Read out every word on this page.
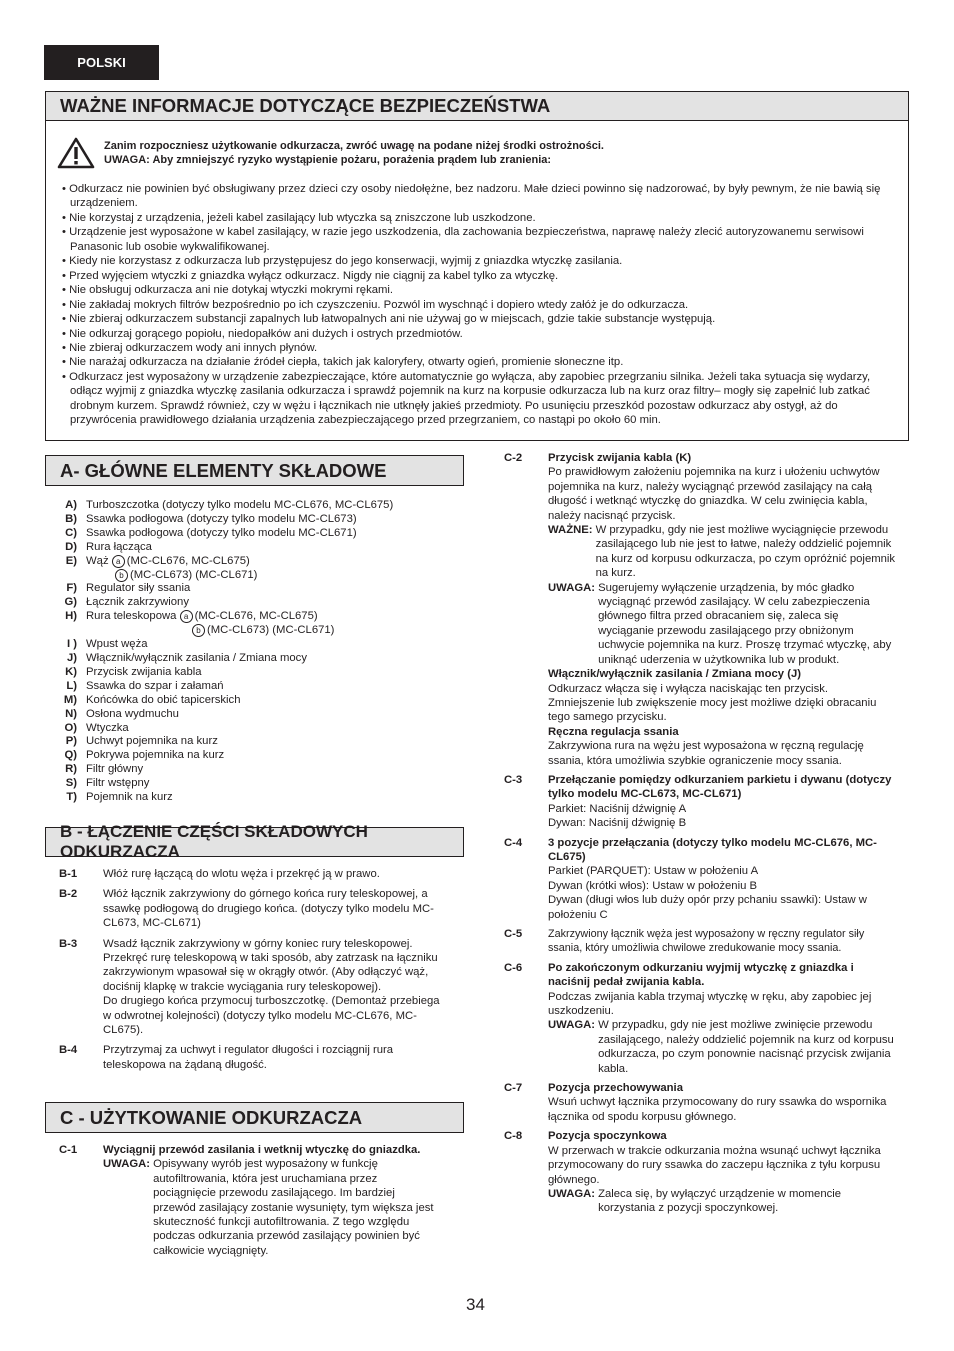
POLSKI
WAŻNE INFORMACJE DOTYCZĄCE BEZPIECZEŃSTWA
Zanim rozpoczniesz użytkowanie odkurzacza, zwróć uwagę na podane niżej środki ostrożności.
UWAGA: Aby zmniejszyć ryzyko wystąpienie pożaru, porażenia prądem lub zranienia:
• Odkurzacz nie powinien być obsługiwany przez dzieci czy osoby niedołężne, bez nadzoru. Małe dzieci powinno się nadzorować, by były pewnym, że nie bawią się urządzeniem.
• Nie korzystaj z urządzenia, jeżeli kabel zasilający lub wtyczka są zniszczone lub uszkodzone.
• Urządzenie jest wyposażone w kabel zasilający, w razie jego uszkodzenia, dla zachowania bezpieczeństwa, naprawę należy zlecić autoryzowanemu serwisowi Panasonic lub osobie wykwalifikowanej.
• Kiedy nie korzystasz z odkurzacza lub przystępujesz do jego konserwacji, wyjmij z gniazdka wtyczkę zasilania.
• Przed wyjęciem wtyczki z gniazdka wyłącz odkurzacz. Nigdy nie ciągnij za kabel tylko za wtyczkę.
• Nie obsługuj odkurzacza ani nie dotykaj wtyczki mokrymi rękami.
• Nie zakładaj mokrych filtrów bezpośrednio po ich czyszczeniu. Pozwól im wyschnąć i dopiero wtedy załóż je do odkurzacza.
• Nie zbieraj odkurzaczem substancji zapalnych lub łatwopalnych ani nie używaj go w miejscach, gdzie takie substancje występują.
• Nie odkurzaj gorącego popiołu, niedopałków ani dużych i ostrych przedmiotów.
• Nie zbieraj odkurzaczem wody ani innych płynów.
• Nie narażaj odkurzacza na działanie źródeł ciepła, takich jak kaloryfery, otwarty ogień, promienie słoneczne itp.
• Odkurzacz jest wyposażony w urządzenie zabezpieczające, które automatycznie go wyłącza, aby zapobiec przegrzaniu silnika. Jeżeli taka sytuacja się wydarzy, odłącz wyjmij z gniazdka wtyczkę zasilania odkurzacza i sprawdź pojemnik na kurz na korpusie odkurzacza lub na kurz oraz filtry– mogły się zapełnić lub zatkać drobnym kurzem. Sprawdź również, czy w wężu i łącznikach nie utknęły jakieś przedmioty. Po usunięciu przeszkód pozostaw odkurzacz aby ostygł, aż do przywrócenia prawidłowego działania urządzenia zabezpieczającego przed przegrzaniem, co nastąpi po około 60 min.
A- GŁÓWNE ELEMENTY SKŁADOWE
A) Turboszczotka (dotyczy tylko modelu MC-CL676, MC-CL675)
B) Ssawka podłogowa (dotyczy tylko modelu MC-CL673)
C) Ssawka podłogowa (dotyczy tylko modelu MC-CL671)
D) Rura łącząca
E) Wąż
a (MC-CL676, MC-CL675)
b (MC-CL673) (MC-CL671)
F) Regulator siły ssania
G) Łącznik zakrzywiony
H) Rura teleskopowa
a (MC-CL676, MC-CL675)
b (MC-CL673) (MC-CL671)
I ) Wpust węża
J) Włącznik/wyłącznik zasilania / Zmiana mocy
K) Przycisk zwijania kabla
L) Ssawka do szpar i załamań
M) Końcówka do obić tapicerskich
N) Osłona wydmuchu
O) Wtyczka
P) Uchwyt pojemnika na kurz
Q) Pokrywa pojemnika na kurz
R) Filtr główny
S) Filtr wstępny
T) Pojemnik na kurz
B - ŁĄCZENIE CZĘŚCI SKŁADOWYCH ODKURZACZA
B-1	Włóż rurę łączącą do wlotu węża i przekręć ją w prawo.
B-2	Włóż łącznik zakrzywiony do górnego końca rury teleskopowej, a ssawkę podłogową do drugiego końca. (dotyczy tylko modelu MC-CL673, MC-CL671)
B-3	Wsadź łącznik zakrzywiony w górny koniec rury teleskopowej. Przekręć rurę teleskopową w taki sposób, aby zatrzask na łączniku zakrzywionym wpasował się w okrągły otwór. (Aby odłączyć wąż, dociśnij klapkę w trakcie wyciągania rury teleskopowej).
Do drugiego końca przymocuj turboszczotkę. (Demontaż przebiega w odwrotnej kolejności) (dotyczy tylko modelu MC-CL676, MC-CL675).
B-4	Przytrzymaj za uchwyt i regulator długości i rozciągnij rura teleskopowa na żądaną długość.
C - UŻYTKOWANIE ODKURZACZA
C-1	Wyciągnij przewód zasilania i wetknij wtyczkę do gniazdka.
UWAGA: Opisywany wyrób jest wyposażony w funkcję autofiltrowania, która jest uruchamiana przez pociągnięcie przewodu zasilającego. Im bardziej przewód zasilający zostanie wysunięty, tym większa jest skuteczność funkcji autofiltrowania. Z tego względu podczas odkurzania przewód zasilający powinien być całkowicie wyciągnięty.
C-2	Przycisk zwijania kabla (K)
Po prawidłowym założeniu pojemnika na kurz i ułożeniu uchwytów pojemnika na kurz, należy wyciągnąć przewód zasilający na całą długość i wetknąć wtyczkę do gniazdka. W celu zwinięcia kabla, należy nacisnąć przycisk.
WAŻNE: W przypadku, gdy nie jest możliwe wyciągnięcie przewodu zasilającego lub nie jest to łatwe, należy oddzielić pojemnik na kurz od korpusu odkurzacza, po czym opróżnić pojemnik na kurz.
UWAGA: Sugerujemy wyłączenie urządzenia, by móc gładko wyciągnąć przewód zasilający. W celu zabezpieczenia głównego filtra przed obracaniem się, zaleca się wyciąganie przewodu zasilającego przy obniżonym uchwycie pojemnika na kurz. Proszę trzymać wtyczkę, aby uniknąć uderzenia w użytkownika lub w produkt.
Włącznik/wyłącznik zasilania / Zmiana mocy (J)
Odkurzacz włącza się i wyłącza naciskając ten przycisk. Zmniejszenie lub zwiększenie mocy jest możliwe dzięki obracaniu tego samego przycisku.
Ręczna regulacja ssania
Zakrzywiona rura na wężu jest wyposażona w ręczną regulację ssania, która umożliwia szybkie ograniczenie mocy ssania.
C-3	Przełączanie pomiędzy odkurzaniem parkietu i dywanu (dotyczy tylko modelu MC-CL673, MC-CL671)
Parkiet: Naciśnij dźwignię A
Dywan: Naciśnij dźwignię B
C-4	3 pozycje przełączania (dotyczy tylko modelu MC-CL676, MC-CL675)
Parkiet (PARQUET): Ustaw w położeniu A
Dywan (krótki włos): Ustaw w położeniu B
Dywan (długi włos lub duży opór przy pchaniu ssawki): Ustaw w położeniu C
C-5	Zakrzywiony łącznik węża jest wyposażony w ręczny regulator siły ssania, który umożliwia chwilowe zredukowanie mocy ssania.
C-6	Po zakończonym odkurzaniu wyjmij wtyczkę z gniazdka i naciśnij pedał zwijania kabla.
Podczas zwijania kabla trzymaj wtyczkę w ręku, aby zapobiec jej uszkodzeniu.
UWAGA: W przypadku, gdy nie jest możliwe zwinięcie przewodu zasilającego, należy oddzielić pojemnik na kurz od korpusu odkurzacza, po czym ponownie nacisnąć przycisk zwijania kabla.
C-7	Pozycja przechowywania
Wsuń uchwyt łącznika przymocowany do rury ssawka do wspornika łącznika od spodu korpusu głównego.
C-8	Pozycja spoczynkowa
W przerwach w trakcie odkurzania można wsunąć uchwyt łącznika przymocowany do rury ssawka do zaczepu łącznika z tyłu korpusu głównego.
UWAGA: Zaleca się, by wyłączyć urządzenie w momencie korzystania z pozycji spoczynkowej.
34
